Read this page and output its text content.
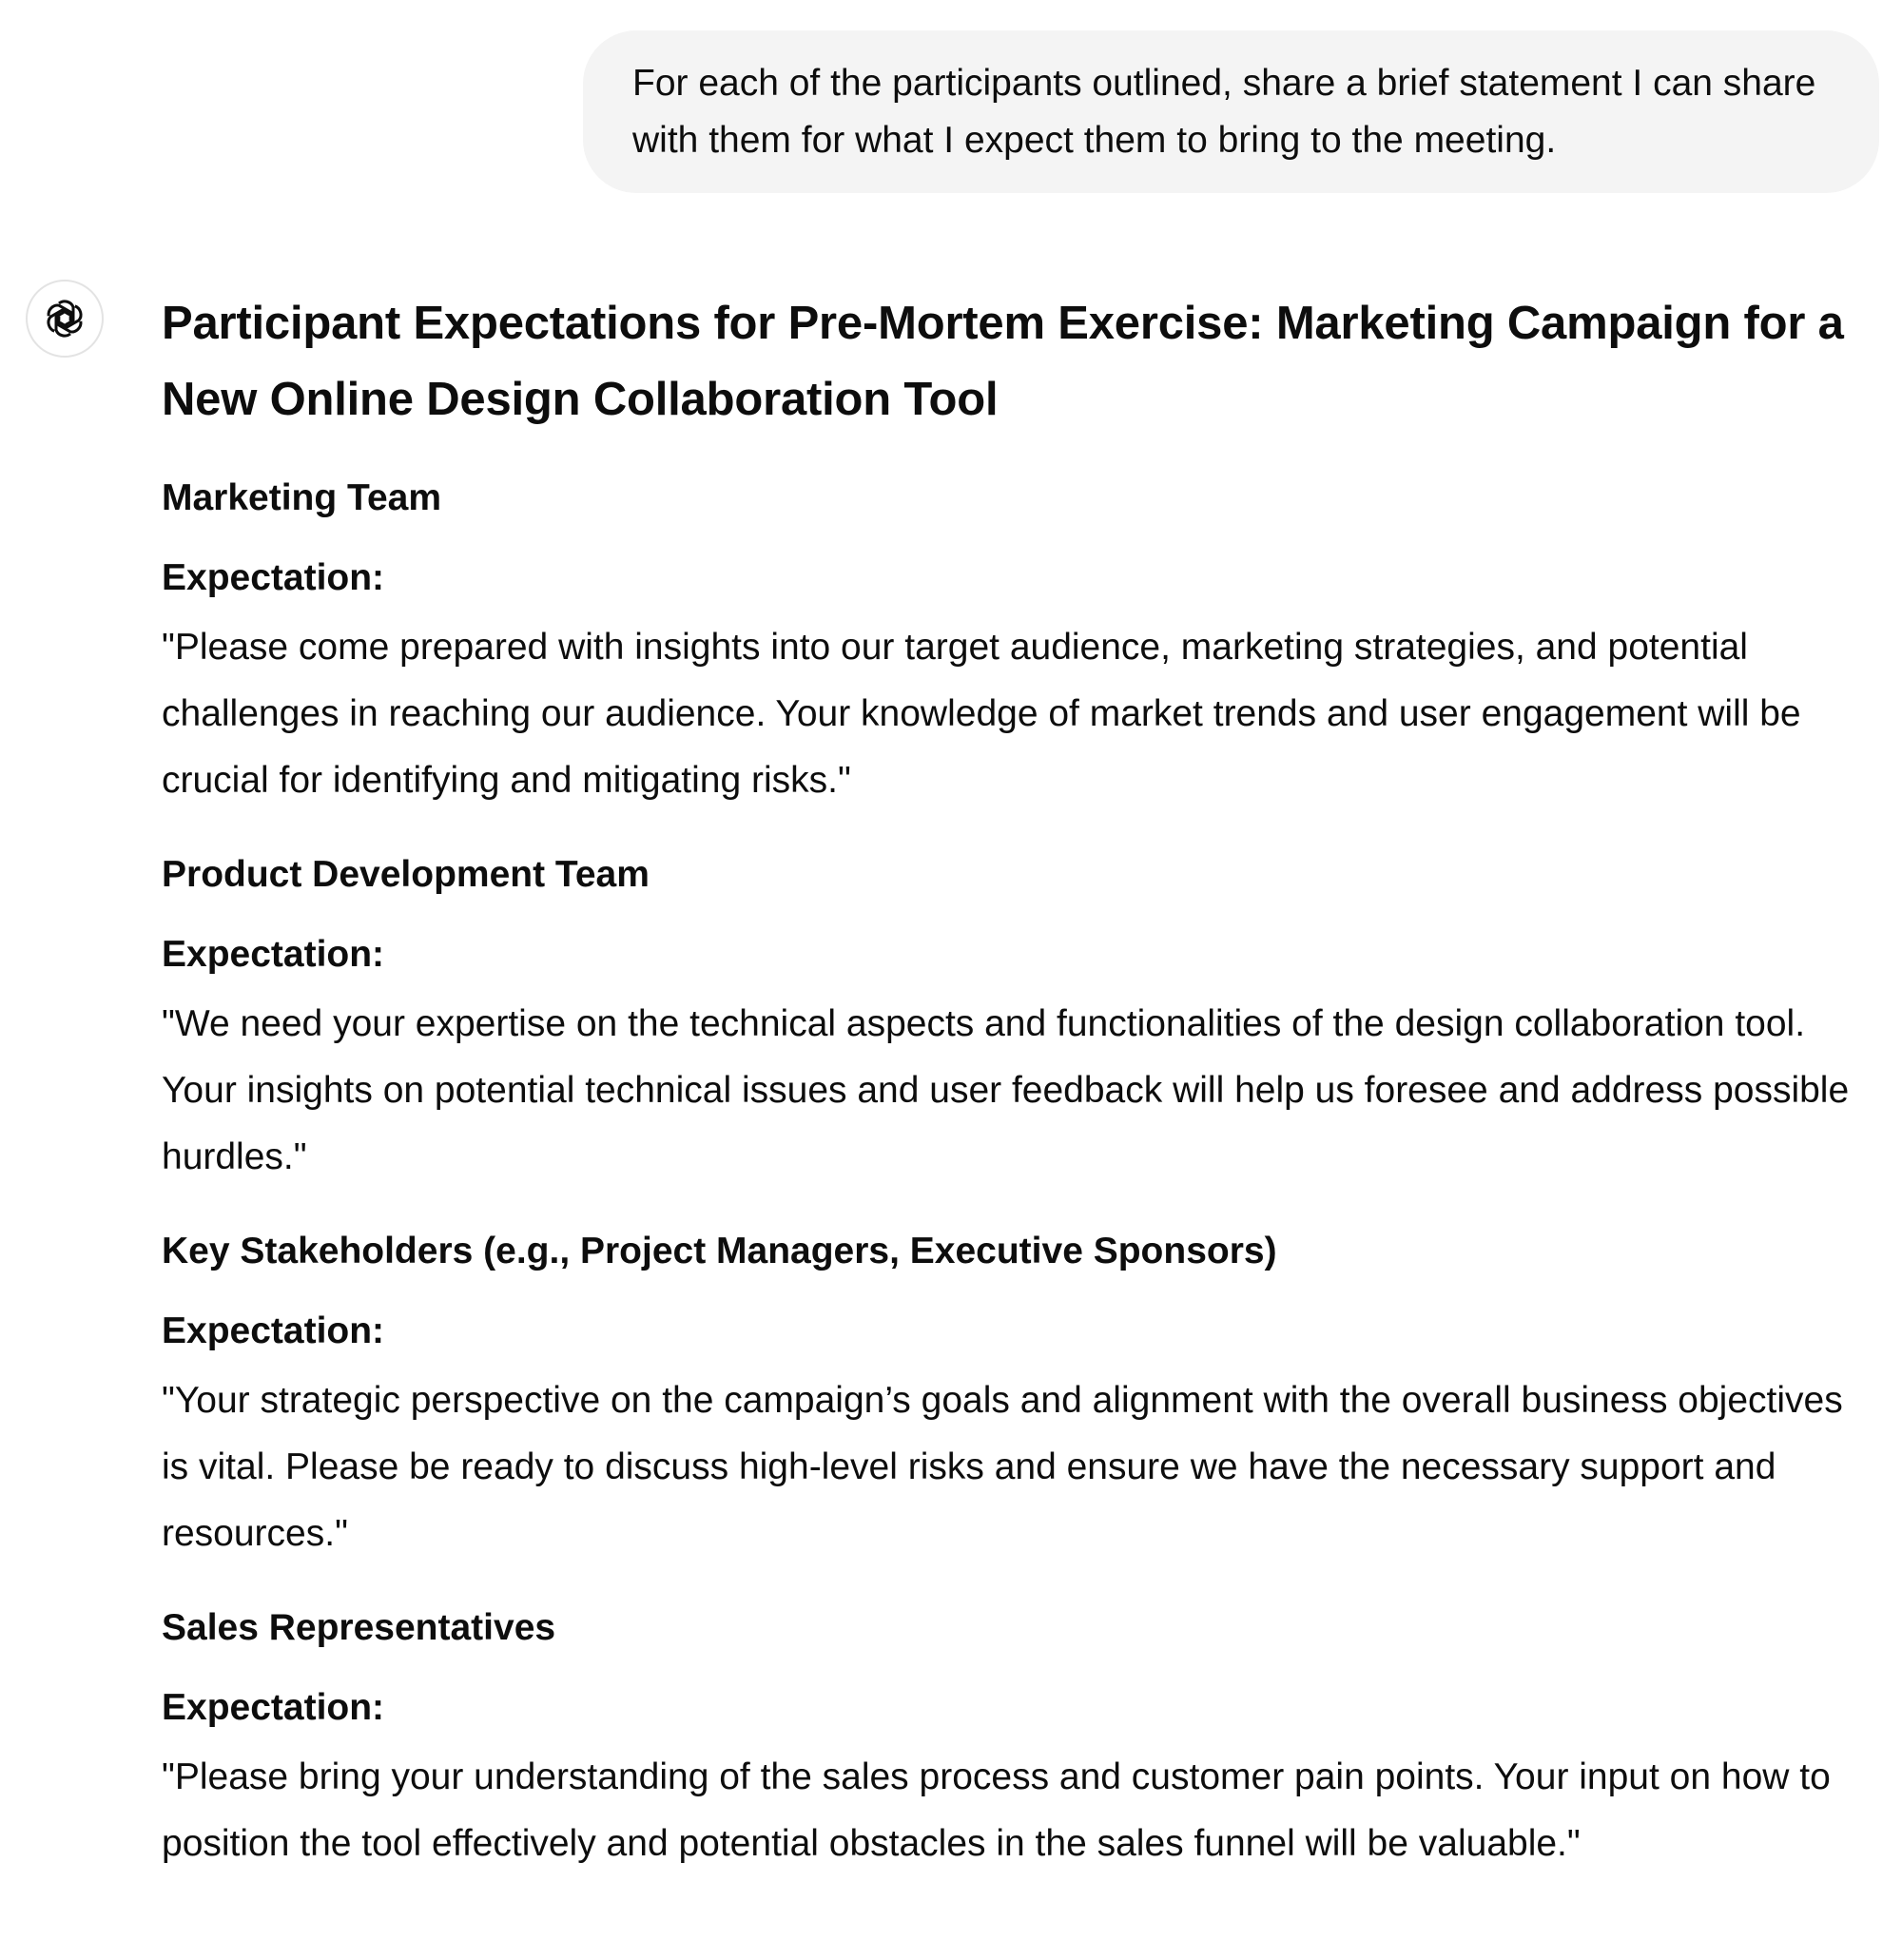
For each of the participants outlined, share a brief statement I can share with them for what I expect them to bring to the meeting.
Participant Expectations for Pre-Mortem Exercise: Marketing Campaign for a New Online Design Collaboration Tool
Marketing Team

Expectation:

"Please come prepared with insights into our target audience, marketing strategies, and potential challenges in reaching our audience. Your knowledge of market trends and user engagement will be crucial for identifying and mitigating risks."

Product Development Team

Expectation:

"We need your expertise on the technical aspects and functionalities of the design collaboration tool. Your insights on potential technical issues and user feedback will help us foresee and address possible hurdles."

Key Stakeholders (e.g., Project Managers, Executive Sponsors)

Expectation:

"Your strategic perspective on the campaign’s goals and alignment with the overall business objectives is vital. Please be ready to discuss high-level risks and ensure we have the necessary support and resources."

Sales Representatives

Expectation:

"Please bring your understanding of the sales process and customer pain points. Your input on how to position the tool effectively and potential obstacles in the sales funnel will be valuable."
